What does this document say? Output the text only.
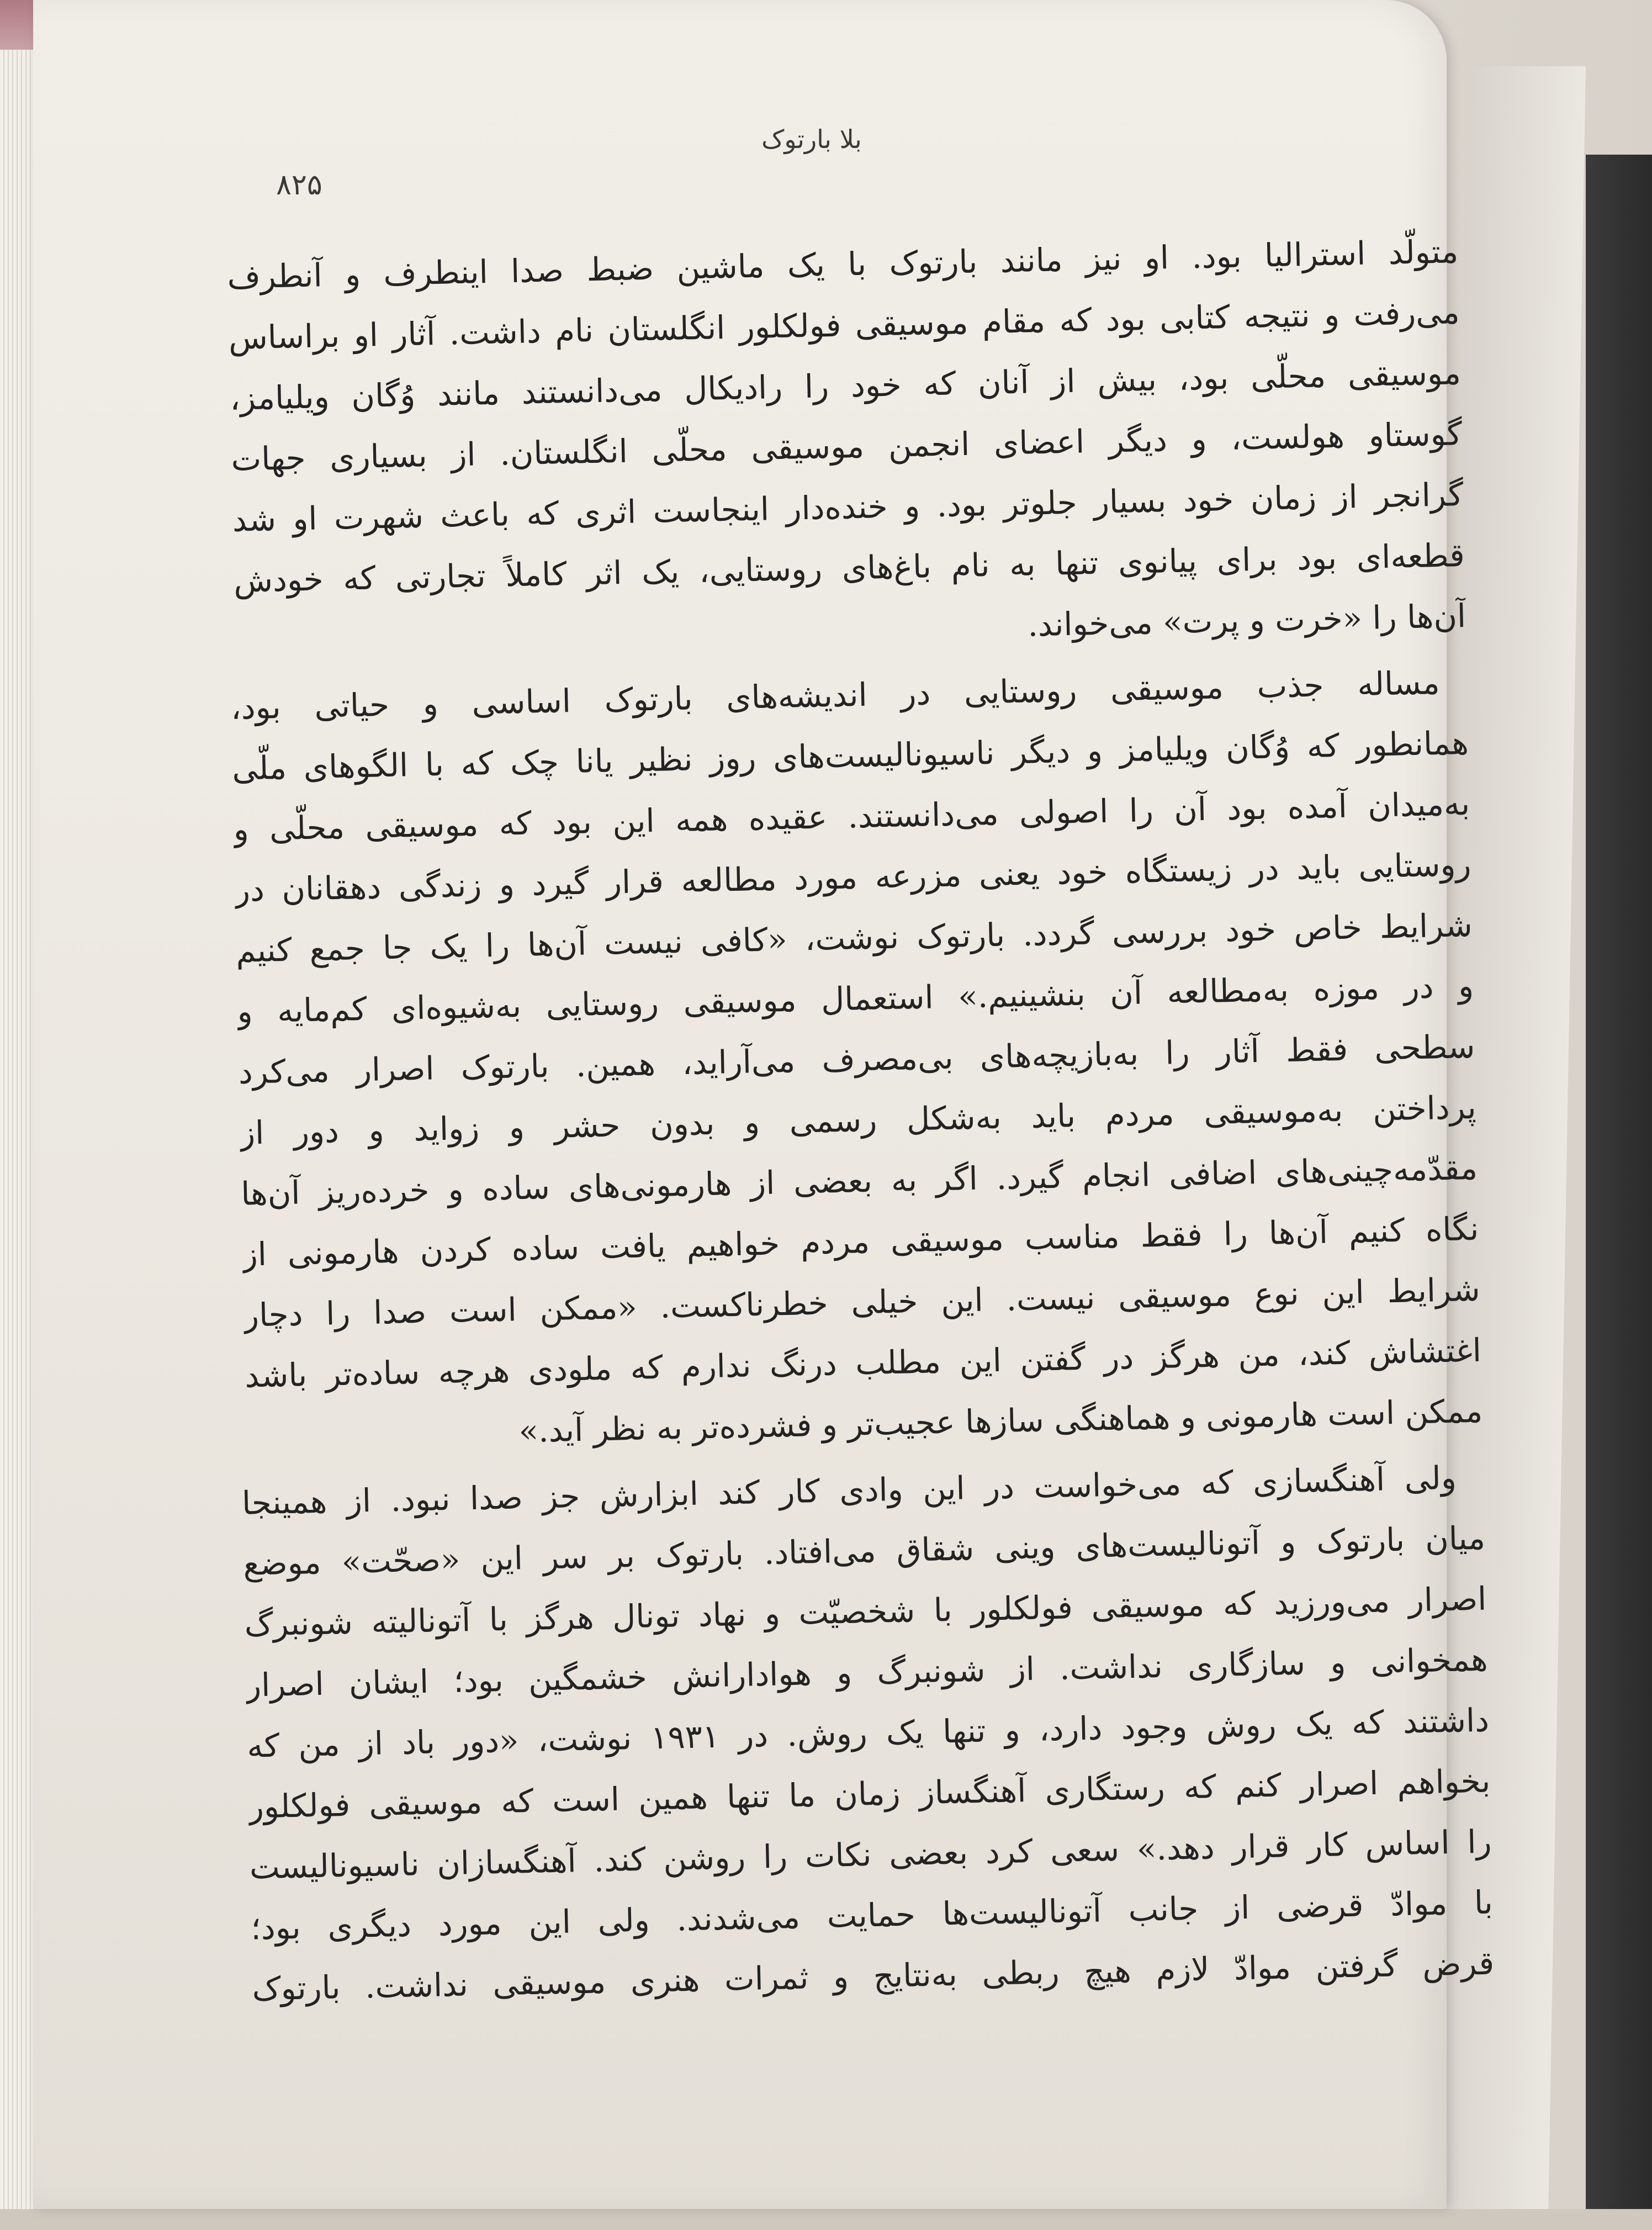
بلا بارتوک
۸۲۵
متولّد استرالیا بود. او نیز مانند بارتوک با یک ماشین ضبط صدا اینطرف و آنطرف
می‌رفت و نتیجه کتابی بود که مقام موسیقی فولکلور انگلستان نام داشت. آثار او براساس
موسیقی محلّی بود، بیش از آنان که خود را رادیکال می‌دانستند مانند وُگان ویلیامز،
گوستاو هولست، و دیگر اعضای انجمن موسیقی محلّی انگلستان. از بسیاری جهات
گرانجر از زمان خود بسیار جلوتر بود. و خنده‌دار اینجاست اثری که باعث شهرت او شد
قطعه‌ای بود برای پیانوی تنها به نام باغ‌های روستایی، یک اثر کاملاً تجارتی که خودش
آن‌ها را «خرت و پرت» می‌خواند.
مساله جذب موسیقی روستایی در اندیشه‌های بارتوک اساسی و حیاتی بود،
همانطور که وُگان ویلیامز و دیگر ناسیونالیست‌های روز نظیر یانا چک که با الگوهای ملّی
به‌میدان آمده بود آن را اصولی می‌دانستند. عقیده همه این بود که موسیقی محلّی و
روستایی باید در زیستگاه خود یعنی مزرعه مورد مطالعه قرار گیرد و زندگی دهقانان در
شرایط خاص خود بررسی گردد. بارتوک نوشت، «کافی نیست آن‌ها را یک جا جمع کنیم
و در موزه به‌مطالعه آن بنشینیم.» استعمال موسیقی روستایی به‌شیوه‌ای کم‌مایه و
سطحی فقط آثار را به‌بازیچه‌های بی‌مصرف می‌آراید، همین. بارتوک اصرار می‌کرد
پرداختن به‌موسیقی مردم باید به‌شکل رسمی و بدون حشر و زواید و دور از
مقدّمه‌چینی‌های اضافی انجام گیرد. اگر به بعضی از هارمونی‌های ساده و خرده‌ریز آن‌ها
نگاه کنیم آن‌ها را فقط مناسب موسیقی مردم خواهیم یافت ساده کردن هارمونی از
شرایط این نوع موسیقی نیست. این خیلی خطرناکست. «ممکن است صدا را دچار
اغتشاش کند، من هرگز در گفتن این مطلب درنگ ندارم که ملودی هرچه ساده‌تر باشد
ممکن است هارمونی و هماهنگی سازها عجیب‌تر و فشرده‌تر به نظر آید.»
ولی آهنگسازی که می‌خواست در این وادی کار کند ابزارش جز صدا نبود. از همینجا
میان بارتوک و آتونالیست‌های وینی شقاق می‌افتاد. بارتوک بر سر این «صحّت» موضع
اصرار می‌ورزید که موسیقی فولکلور با شخصیّت و نهاد تونال هرگز با آتونالیته شونبرگ
همخوانی و سازگاری نداشت. از شونبرگ و هوادارانش خشمگین بود؛ ایشان اصرار
داشتند که یک روش وجود دارد، و تنها یک روش. در ۱۹۳۱ نوشت، «دور باد از من که
بخواهم اصرار کنم که رستگاری آهنگساز زمان ما تنها همین است که موسیقی فولکلور
را اساس کار قرار دهد.» سعی کرد بعضی نکات را روشن کند. آهنگسازان ناسیونالیست
با موادّ قرضی از جانب آتونالیست‌ها حمایت می‌شدند. ولی این مورد دیگری بود؛
قرض گرفتن موادّ لازم هیچ ربطی به‌نتایج و ثمرات هنری موسیقی نداشت. بارتوک
